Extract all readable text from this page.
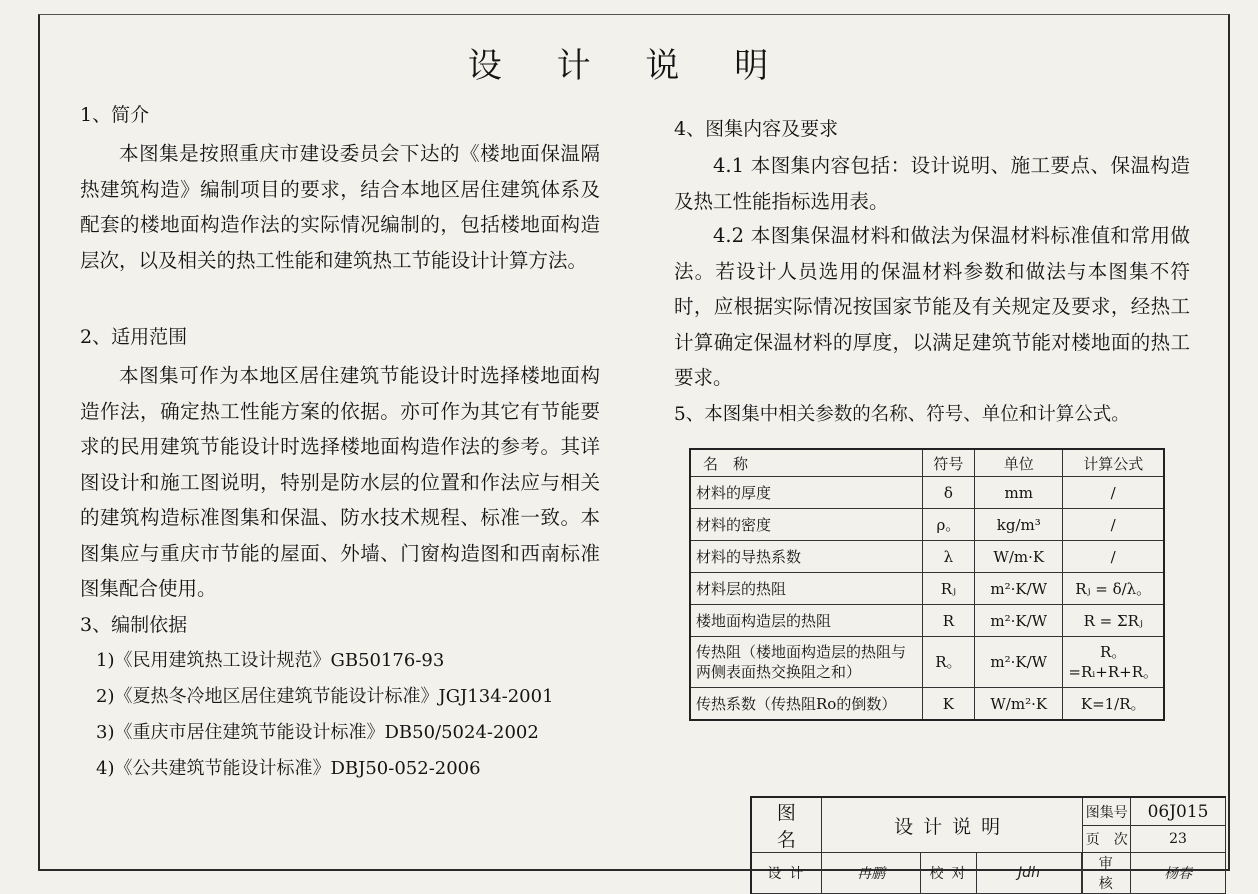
设 计 说 明
1、简介
本图集是按照重庆市建设委员会下达的《楼地面保温隔热建筑构造》编制项目的要求，结合本地区居住建筑体系及配套的楼地面构造作法的实际情况编制的，包括楼地面构造层次，以及相关的热工性能和建筑热工节能设计计算方法。
2、适用范围
本图集可作为本地区居住建筑节能设计时选择楼地面构造作法，确定热工性能方案的依据。亦可作为其它有节能要求的民用建筑节能设计时选择楼地面构造作法的参考。其详图设计和施工图说明，特别是防水层的位置和作法应与相关的建筑构造标准图集和保温、防水技术规程、标准一致。本图集应与重庆市节能的屋面、外墙、门窗构造图和西南标准图集配合使用。
3、编制依据
1)《民用建筑热工设计规范》GB50176-93
2)《夏热冬冷地区居住建筑节能设计标准》JGJ134-2001
3)《重庆市居住建筑节能设计标准》DB50/5024-2002
4)《公共建筑节能设计标准》DBJ50-052-2006
4、图集内容及要求
4.1 本图集内容包括：设计说明、施工要点、保温构造及热工性能指标选用表。
4.2 本图集保温材料和做法为保温材料标准值和常用做法。若设计人员选用的保温材料参数和做法与本图集不符时，应根据实际情况按国家节能及有关规定及要求，经热工计算确定保温材料的厚度，以满足建筑节能对楼地面的热工要求。
5、本图集中相关参数的名称、符号、单位和计算公式。
名　称	符号	单位	计算公式
材料的厚度	δ	mm	/
材料的密度	ρ。	kg/m³	/
材料的导热系数	λ	W/m·K	/
材料层的热阻	Rⱼ	m²·K/W	Rⱼ = δ/λ。
楼地面构造层的热阻	R	m²·K/W	R = ΣRⱼ
传热阻（楼地面构造层的热阻与两侧表面热交换阻之和）	R。	m²·K/W	R。=Rᵢ+R+R。
传热系数（传热阻Ro的倒数）	K	W/m²·K	K=1/R。
图名	设计说明			图集号	06J015
				页　次	23
设计	冉鹏	校对	Jdh		审核	杨春
